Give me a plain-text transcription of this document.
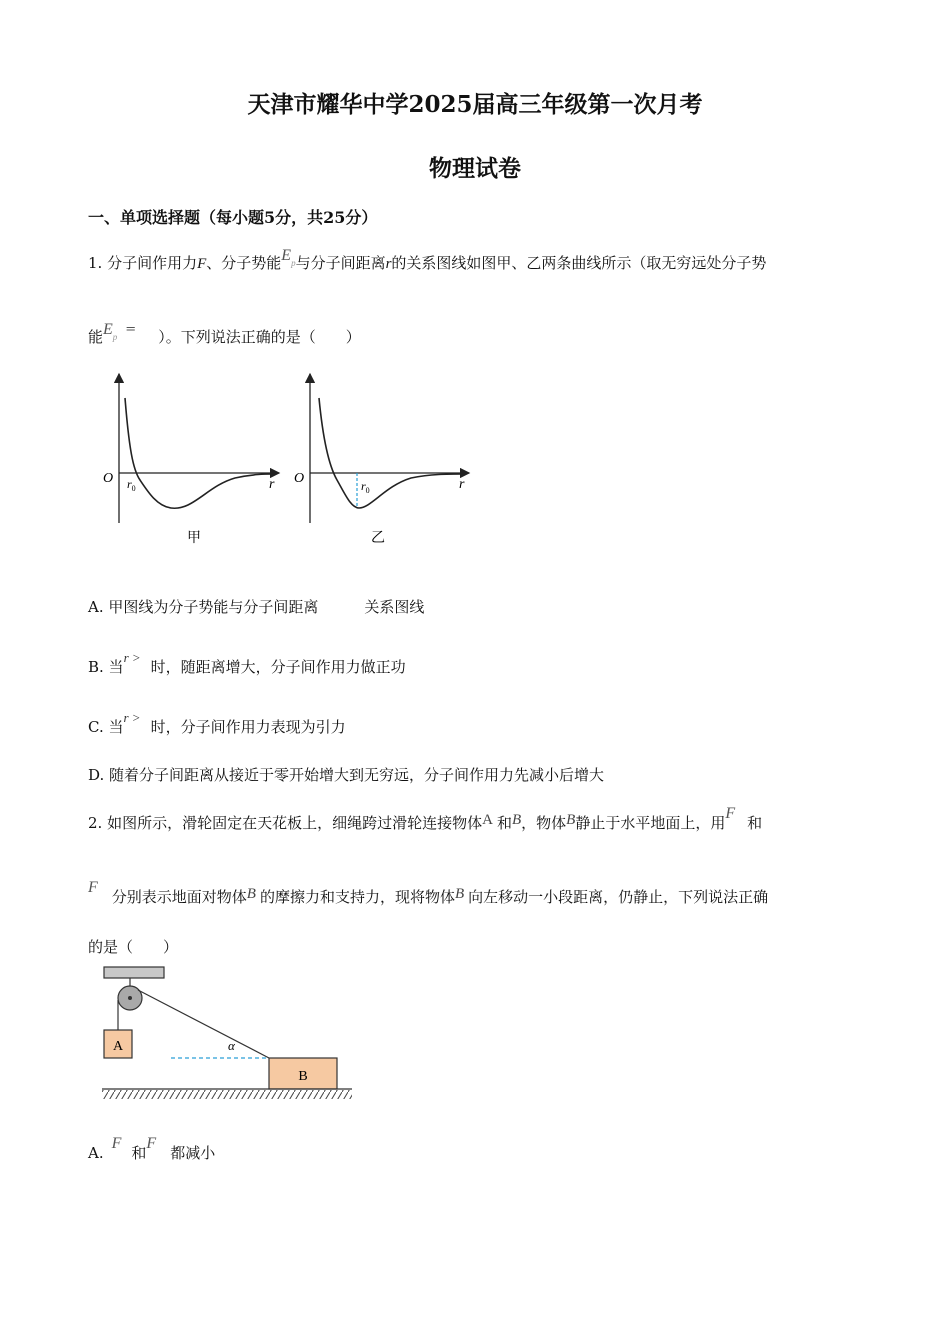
天津市耀华中学2025届高三年级第一次月考
物理试卷
一、单项选择题（每小题5分，共25分）
1. 分子间作用力F、分子势能Ep与分子间距离r的关系图线如图甲、乙两条曲线所示（取无穷远处分子势
能Ep = ）。下列说法正确的是（　　）
O	r
$r_0$
甲
O	r
$r_0$
乙
A. 甲图线为分子势能与分子间距离	关系图线
B. 当r >时，随距离增大，分子间作用力做正功
C. 当r >时，分子间作用力表现为引力
D. 随着分子间距离从接近于零开始增大到无穷远，分子间作用力先减小后增大
2. 如图所示，滑轮固定在天花板上，细绳跨过滑轮连接物体A 和B，物体B静止于水平地面上，用F和
F分别表示地面对物体B 的摩擦力和支持力，现将物体B 向左移动一小段距离，仍静止，下列说法正确
的是（　　）
A	α
B
A.F和F都减小
